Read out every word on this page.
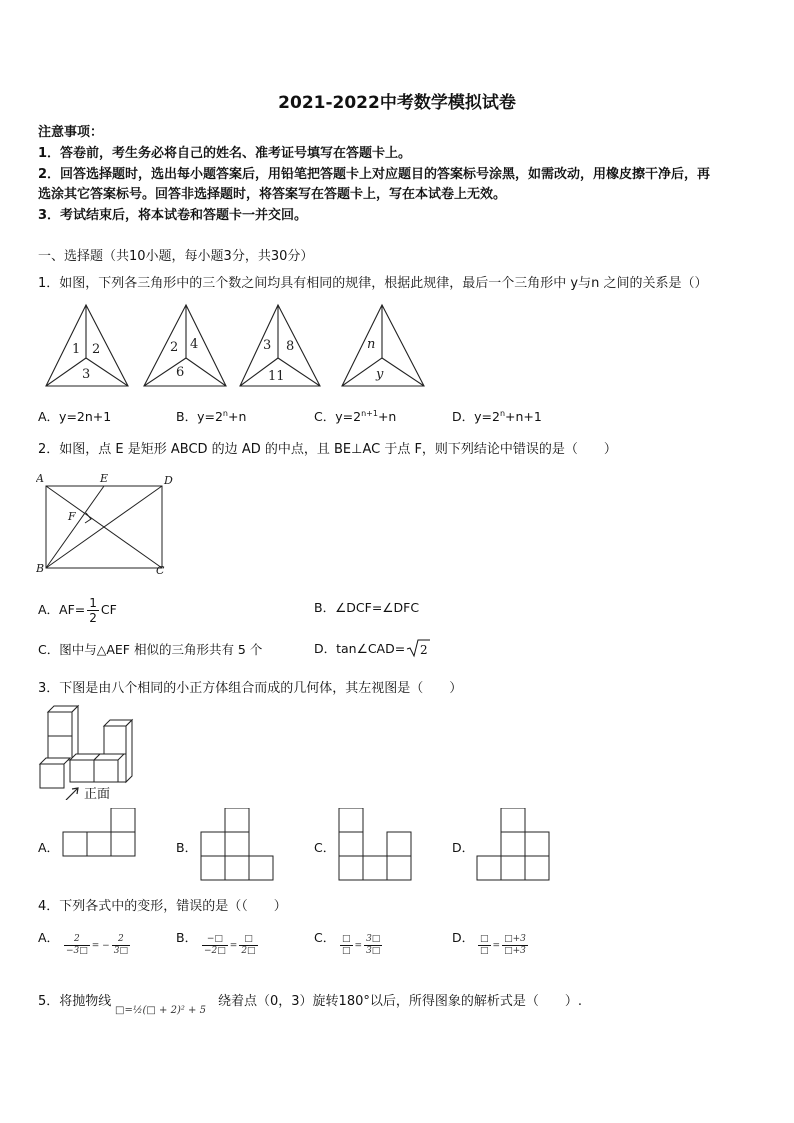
2021-2022中考数学模拟试卷
注意事项：
1．答卷前，考生务必将自己的姓名、准考证号填写在答题卡上。
2．回答选择题时，选出每小题答案后，用铅笔把答题卡上对应题目的答案标号涂黑，如需改动，用橡皮擦干净后，再
选涂其它答案标号。回答非选择题时，将答案写在答题卡上，写在本试卷上无效。
3．考试结束后，将本试卷和答题卡一并交回。
一、选择题（共10小题，每小题3分，共30分）
1．如图，下列各三角形中的三个数之间均具有相同的规律，根据此规律，最后一个三角形中 y与n 之间的关系是（）
1 2
3
2 4
6
3 8
11
n
y
A．y=2n+1	B．$y=2^n+n$	C．$y=2^{n+1}+n$	D．$y=2^n+n+1$
2．如图，点 E 是矩形 ABCD 的边 AD 的中点，且 BE⊥AC 于点 F，则下列结论中错误的是（　　）
A	E	D
F
B	C
A．$AF= \frac{1}{2}$ CF	B．∠DCF=∠DFC
C．图中与△AEF 相似的三角形共有 5 个	D．tan∠CAD= 2
3．下图是由八个相同的小正方体组合而成的几何体，其左视图是（　　）
正面
A．	B．	C．	D．
4．下列各式中的变形，错误的是（（　　）
A． $\frac{2}{-3□}$ = − $\frac{2}{3□}$	B． $\frac{-□}{-2□} = \frac{□}{2□}$	C． $\frac{□}{□} = \frac{3□}{3□}$	D． $\frac{□}{□} = \frac{□+3}{□+3}$
5．将抛物线
□=½(□ + 2)² + 5
绕着点（0，3）旋转180°以后，所得图象的解析式是（　　）.
